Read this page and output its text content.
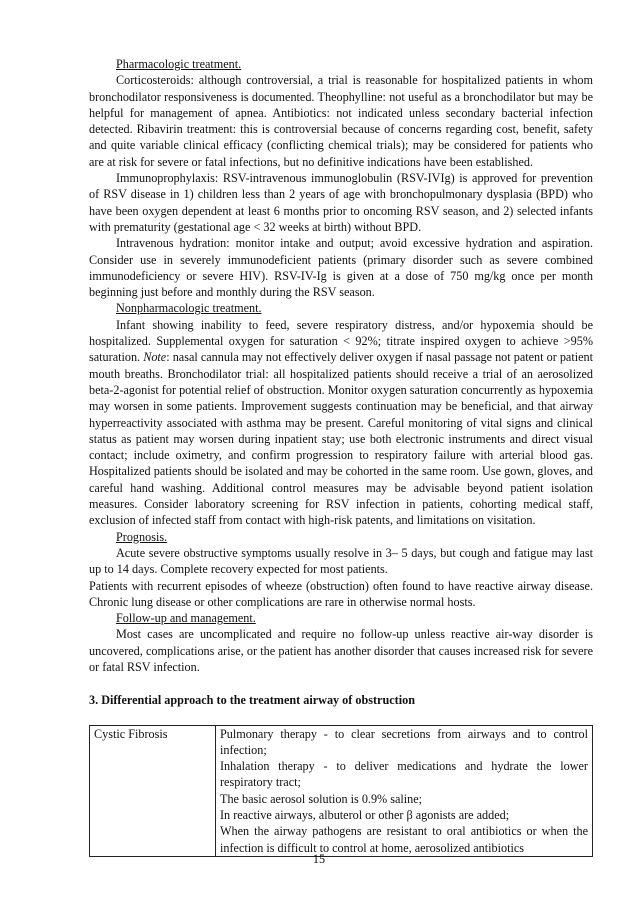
Pharmacologic treatment.

Corticosteroids: although controversial, a trial is reasonable for hospitalized patients in whom bronchodilator responsiveness is documented. Theophylline: not useful as a bronchodilator but may be helpful for management of apnea. Antibiotics: not indicated unless secondary bacterial infection detected. Ribavirin treatment: this is controversial because of concerns regarding cost, benefit, safety and quite variable clinical efficacy (conflicting chemical trials); may be considered for patients who are at risk for severe or fatal infections, but no definitive indications have been established.

Immunoprophylaxis: RSV-intravenous immunoglobulin (RSV-IVIg) is approved for prevention of RSV disease in 1) children less than 2 years of age with bronchopulmonary dysplasia (BPD) who have been oxygen dependent at least 6 months prior to oncoming RSV season, and 2) selected infants with prematurity (gestational age < 32 weeks at birth) without BPD.

Intravenous hydration: monitor intake and output; avoid excessive hydration and aspiration. Consider use in severely immunodeficient patients (primary disorder such as severe combined immunodeficiency or severe HIV). RSV-IV-Ig is given at a dose of 750 mg/kg once per month beginning just before and monthly during the RSV season.

Nonpharmacologic treatment.

Infant showing inability to feed, severe respiratory distress, and/or hypoxemia should be hospitalized. Supplemental oxygen for saturation < 92%; titrate inspired oxygen to achieve >95% saturation. Note: nasal cannula may not effectively deliver oxygen if nasal passage not patent or patient mouth breaths. Bronchodilator trial: all hospitalized patients should receive a trial of an aerosolized beta-2-agonist for potential relief of obstruction. Monitor oxygen saturation concurrently as hypoxemia may worsen in some patients. Improvement suggests continuation may be beneficial, and that airway hyperreactivity associated with asthma may be present. Careful monitoring of vital signs and clinical status as patient may worsen during inpatient stay; use both electronic instruments and direct visual contact; include oximetry, and confirm progression to respiratory failure with arterial blood gas. Hospitalized patients should be isolated and may be cohorted in the same room. Use gown, gloves, and careful hand washing. Additional control measures may be advisable beyond patient isolation measures. Consider laboratory screening for RSV infection in patients, cohorting medical staff, exclusion of infected staff from contact with high-risk patents, and limitations on visitation.

Prognosis.

Acute severe obstructive symptoms usually resolve in 3– 5 days, but cough and fatigue may last up to 14 days. Complete recovery expected for most patients.

Patients with recurrent episodes of wheeze (obstruction) often found to have reactive airway disease. Chronic lung disease or other complications are rare in otherwise normal hosts.

Follow-up and management.

Most cases are uncomplicated and require no follow-up unless reactive air-way disorder is uncovered, complications arise, or the patient has another disorder that causes increased risk for severe or fatal RSV infection.

3. Differential approach to the treatment airway of obstruction

Cystic Fibrosis	Pulmonary therapy - to clear secretions from airways and to control infection;

Inhalation therapy - to deliver medications and hydrate the lower respiratory tract;

The basic aerosol solution is 0.9% saline;

In reactive airways, albuterol or other β agonists are added;

When the airway pathogens are resistant to oral antibiotics or when the infection is difficult to control at home, aerosolized antibiotics

15
